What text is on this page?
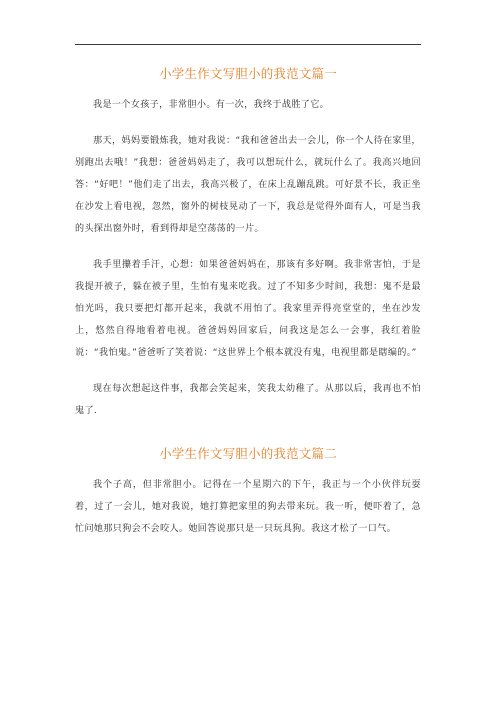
小学生作文写胆小的我范文篇一

我是一个女孩子，非常胆小。有一次，我终于战胜了它。

那天，妈妈要锻炼我，她对我说：“我和爸爸出去一会儿，你一个人待在家里，别跑出去哦！”我想：爸爸妈妈走了，我可以想玩什么，就玩什么了。我高兴地回答：“好吧！”他们走了出去，我高兴极了，在床上乱蹦乱跳。可好景不长，我正坐在沙发上看电视，忽然，窗外的树枝晃动了一下，我总是觉得外面有人，可是当我的头探出窗外时，看到得却是空荡荡的一片。

我手里攥着手汗，心想：如果爸爸妈妈在，那该有多好啊。我非常害怕，于是我提开被子，躲在被子里，生怕有鬼来吃我。过了不知多少时间，我想：鬼不是最怕光吗，我只要把灯都开起来，我就不用怕了。我家里弄得亮堂堂的，坐在沙发上，悠然自得地看着电视。爸爸妈妈回家后，问我这是怎么一会事，我红着脸说：“我怕鬼。”爸爸听了笑着说：“这世界上个根本就没有鬼，电视里都是瞎编的。”

现在每次想起这件事，我都会笑起来，笑我太幼稚了。从那以后，我再也不怕鬼了.

小学生作文写胆小的我范文篇二

我个子高，但非常胆小。记得在一个星期六的下午，我正与一个小伙伴玩耍着，过了一会儿，她对我说，她打算把家里的狗去带来玩。我一听，便吓着了，急忙问她那只狗会不会咬人。她回答说那只是一只玩具狗。我这才松了一口气。
